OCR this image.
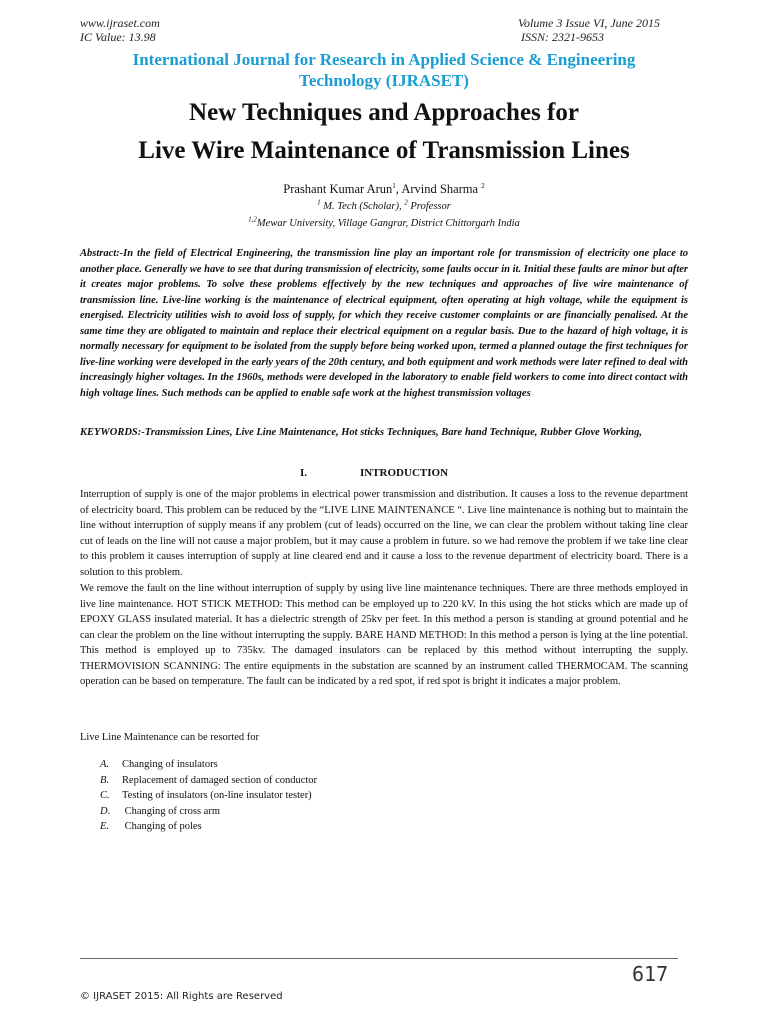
www.ijraset.com
IC Value: 13.98
Volume 3 Issue VI, June 2015
ISSN: 2321-9653
International Journal for Research in Applied Science & Engineering
Technology (IJRASET)
New Techniques and Approaches for
Live Wire Maintenance of Transmission Lines
Prashant Kumar Arun$^1$, Arvind Sharma $^2$
$^1$ M. Tech (Scholar), $^2$ Professor
$^{1,2}$Mewar University, Village Gangrar, District Chittorgarh India

Abstract:-In the field of Electrical Engineering, the transmission line play an important role for transmission of electricity one place to another place. Generally we have to see that during transmission of electricity, some faults occur in it. Initial these faults are minor but after it creates major problems. To solve these problems effectively by the new techniques and approaches of live wire maintenance of transmission line. Live-line working is the maintenance of electrical equipment, often operating at high voltage, while the equipment is energised. Electricity utilities wish to avoid loss of supply, for which they receive customer complaints or are financially penalised. At the same time they are obligated to maintain and replace their electrical equipment on a regular basis. Due to the hazard of high voltage, it is normally necessary for equipment to be isolated from the supply before being worked upon, termed a planned outage the first techniques for live-line working were developed in the early years of the 20th century, and both equipment and work methods were later refined to deal with increasingly higher voltages. In the 1960s, methods were developed in the laboratory to enable field workers to come into direct contact with high voltage lines. Such methods can be applied to enable safe work at the highest transmission voltages

KEYWORDS:-Transmission Lines, Live Line Maintenance, Hot sticks Techniques, Bare hand Technique, Rubber Glove Working,

I.	INTRODUCTION

Interruption of supply is one of the major problems in electrical power transmission and distribution. It causes a loss to the revenue department of electricity board. This problem can be reduced by the “LIVE LINE MAINTENANCE “. Live line maintenance is nothing but to maintain the line without interruption of supply means if any problem (cut of leads) occurred on the line, we can clear the problem without taking line clear cut of leads on the line will not cause a major problem, but it may cause a problem in future. so we had remove the problem if we take line clear to this problem it causes interruption of supply at line cleared end and it cause a loss to the revenue department of electricity board. There is a solution to this problem.

We remove the fault on the line without interruption of supply by using live line maintenance techniques. There are three methods employed in live line maintenance. HOT STICK METHOD: This method can be employed up to 220 kV. In this using the hot sticks which are made up of EPOXY GLASS insulated material. It has a dielectric strength of 25kv per feet. In this method a person is standing at ground potential and he can clear the problem on the line without interrupting the supply. BARE HAND METHOD: In this method a person is lying at the line potential. This method is employed up to 735kv. The damaged insulators can be replaced by this method without interrupting the supply. THERMOVISION SCANNING: The entire equipments in the substation are scanned by an instrument called THERMOCAM. The scanning operation can be based on temperature. The fault can be indicated by a red spot, if red spot is bright it indicates a major problem.

Live Line Maintenance can be resorted for

A.	Changing of insulators
B.	Replacement of damaged section of conductor
C.	Testing of insulators (on-line insulator tester)
D.	Changing of cross arm
E.	Changing of poles
617
© IJRASET 2015: All Rights are Reserved
